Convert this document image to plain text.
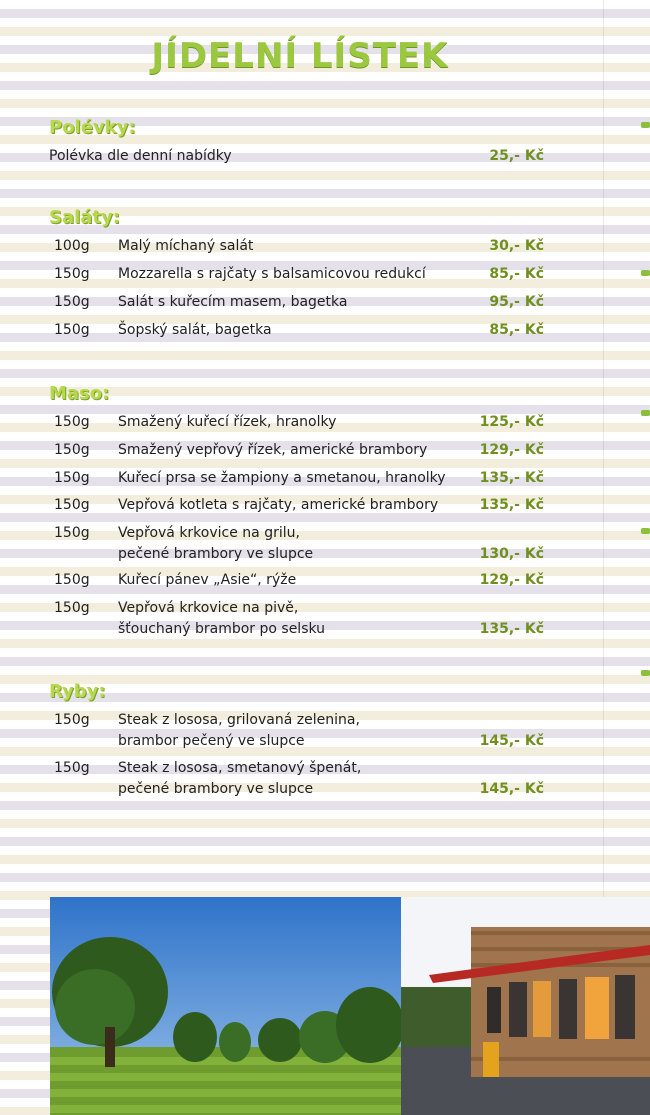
JÍDELNÍ LÍSTEK
Polévky:
Polévka dle denní nabídky	25,- Kč
Saláty:
100g Malý míchaný salát	30,- Kč
150g Mozzarella s rajčaty s balsamicovou redukcí	85,- Kč
150g Salát s kuřecím masem, bagetka	95,- Kč
150g Šopský salát, bagetka	85,- Kč
Maso:
150g Smažený kuřecí řízek, hranolky	125,- Kč
150g Smažený vepřový řízek, americké brambory	129,- Kč
150g Kuřecí prsa se žampiony a smetanou, hranolky	135,- Kč
150g Vepřová kotleta s rajčaty, americké brambory	135,- Kč
150g Vepřová krkovice na grilu,
pečené brambory ve slupce	130,- Kč
150g Kuřecí pánev „Asie“, rýže	129,- Kč
150g Vepřová krkovice na pivě,
šťouchaný brambor po selsku	135,- Kč
Ryby:
150g Steak z lososa, grilovaná zelenina,
brambor pečený ve slupce	145,- Kč
150g Steak z lososa, smetanový špenát,
pečené brambory ve slupce	145,- Kč
